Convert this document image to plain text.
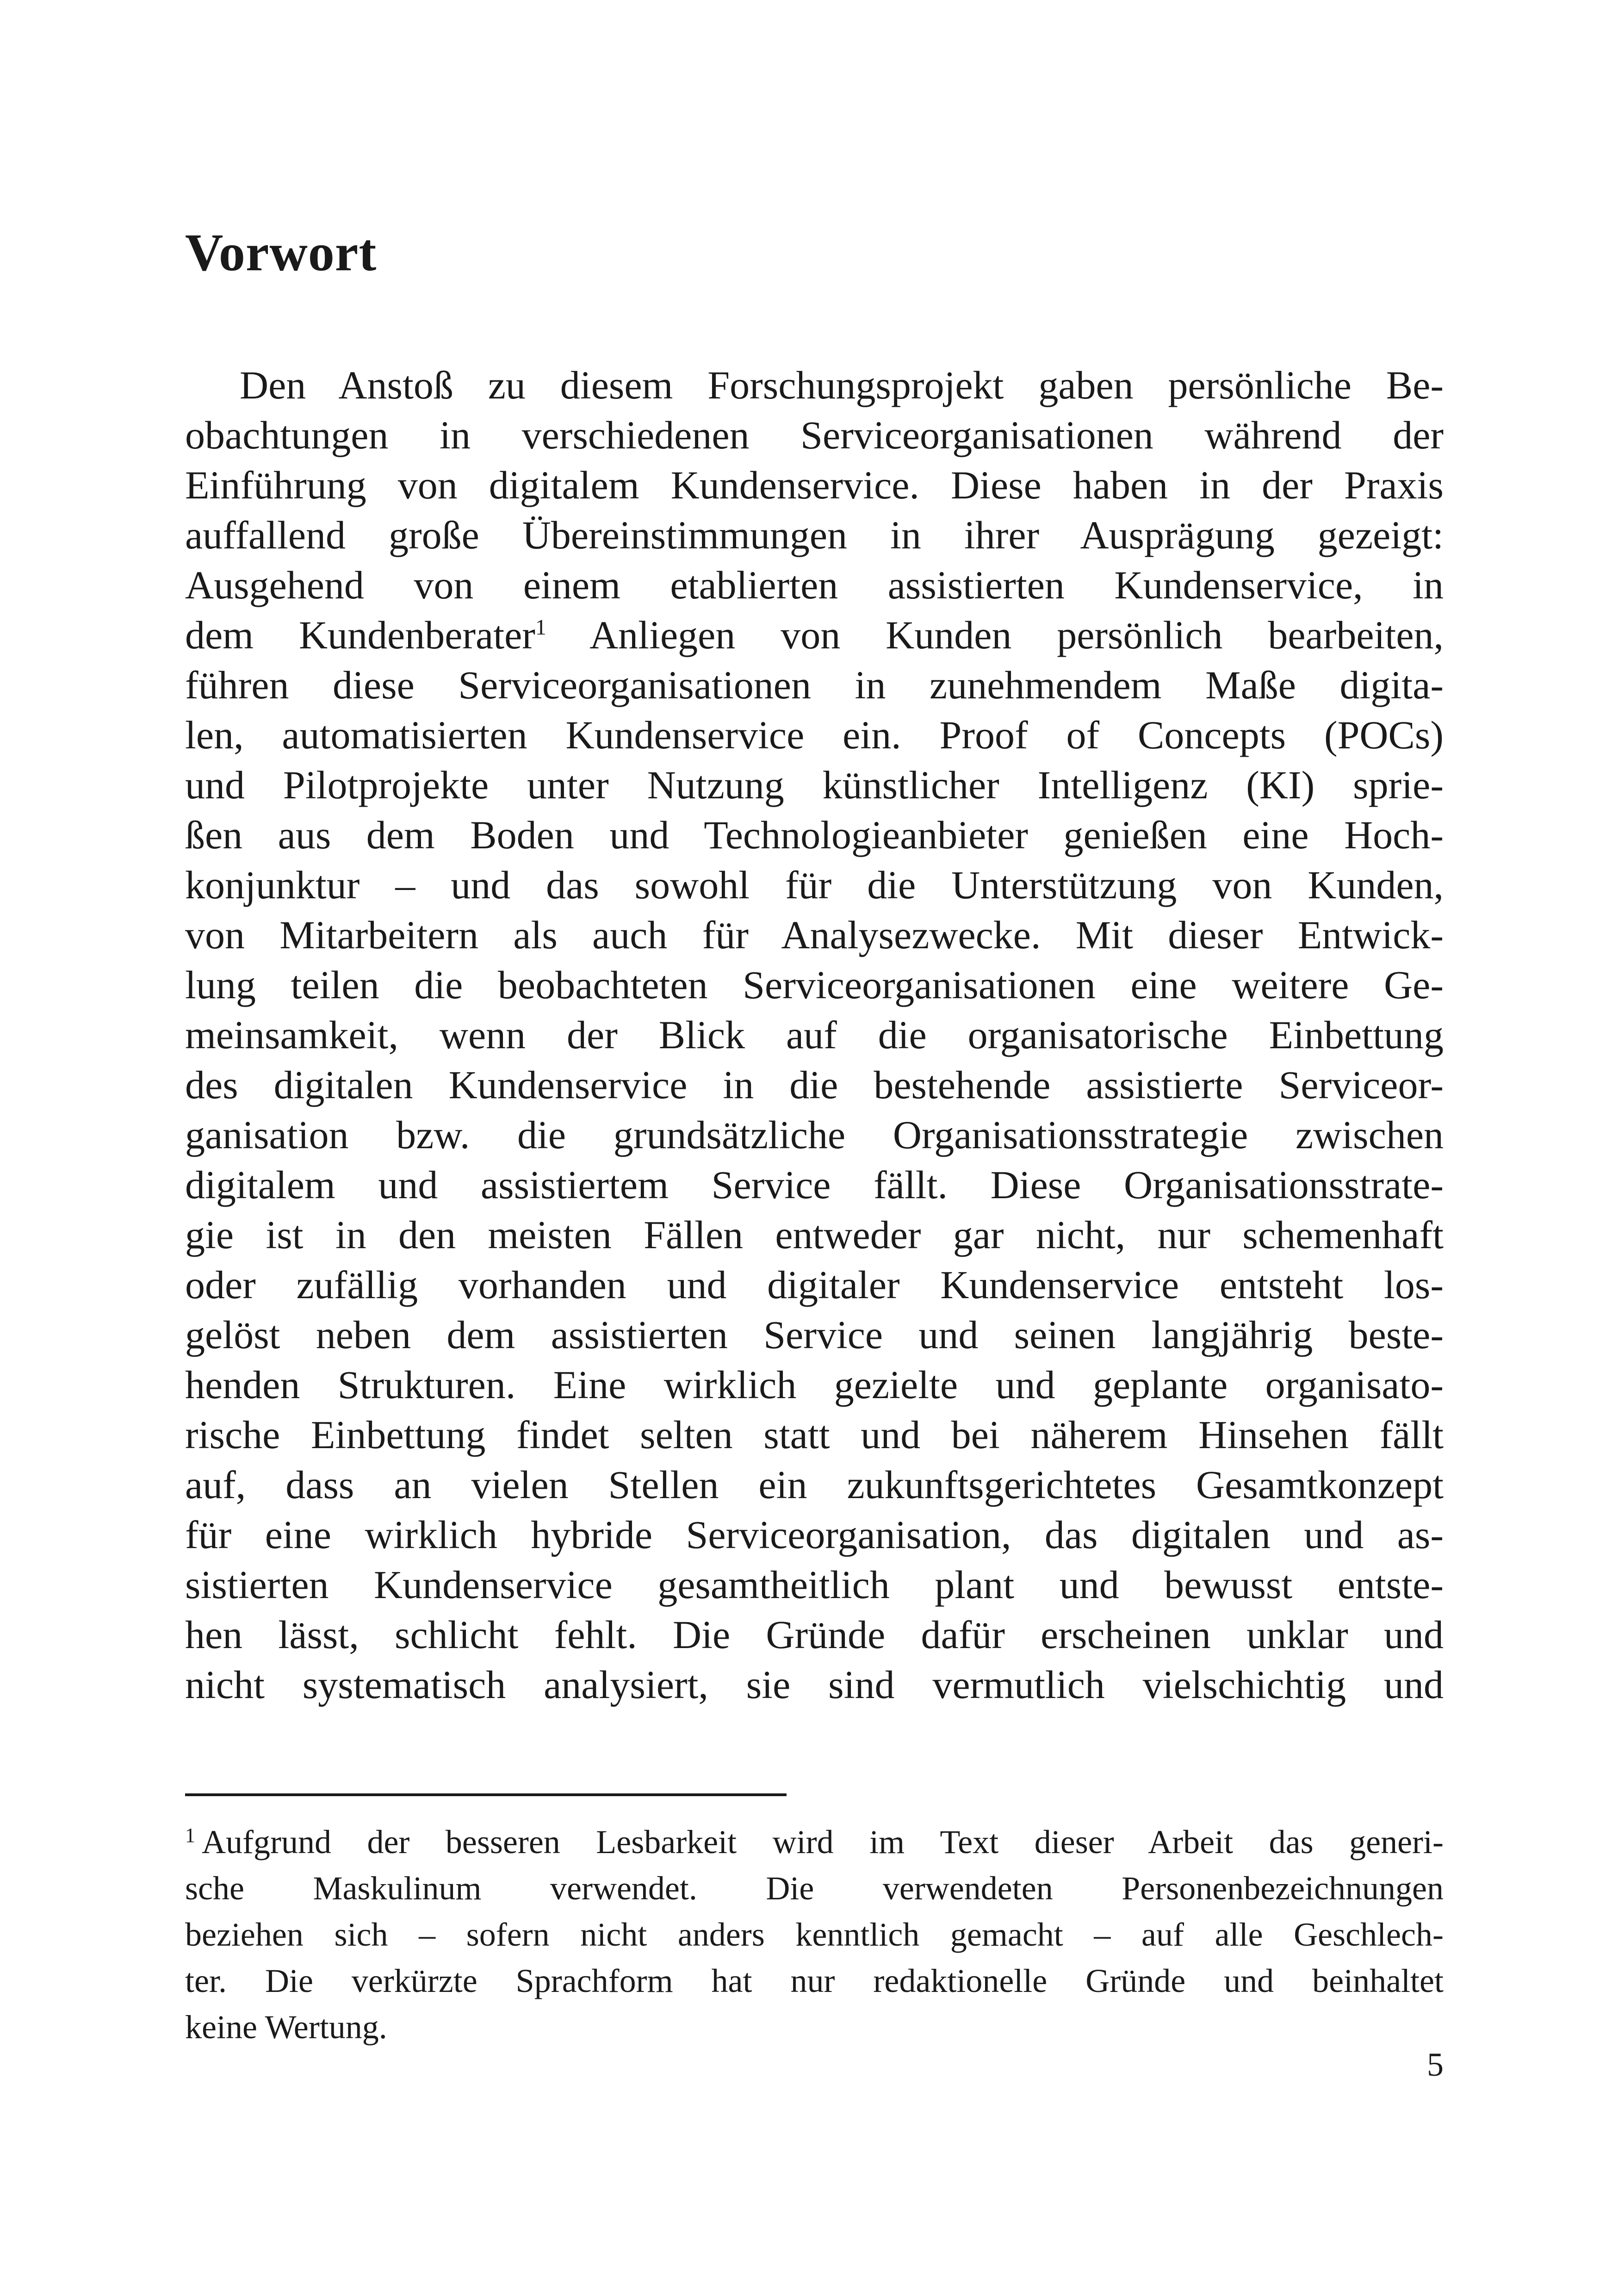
Vorwort
Den Anstoß zu diesem Forschungsprojekt gaben persönliche Be-
obachtungen in verschiedenen Serviceorganisationen während der
Einführung von digitalem Kundenservice. Diese haben in der Praxis
auffallend große Übereinstimmungen in ihrer Ausprägung gezeigt:
Ausgehend von einem etablierten assistierten Kundenservice, in
dem Kundenberater$^1$ Anliegen von Kunden persönlich bearbeiten,
führen diese Serviceorganisationen in zunehmendem Maße digita-
len, automatisierten Kundenservice ein. Proof of Concepts (POCs)
und Pilotprojekte unter Nutzung künstlicher Intelligenz (KI) sprie-
ßen aus dem Boden und Technologieanbieter genießen eine Hoch-
konjunktur – und das sowohl für die Unterstützung von Kunden,
von Mitarbeitern als auch für Analysezwecke. Mit dieser Entwick-
lung teilen die beobachteten Serviceorganisationen eine weitere Ge-
meinsamkeit, wenn der Blick auf die organisatorische Einbettung
des digitalen Kundenservice in die bestehende assistierte Serviceor-
ganisation bzw. die grundsätzliche Organisationsstrategie zwischen
digitalem und assistiertem Service fällt. Diese Organisationsstrate-
gie ist in den meisten Fällen entweder gar nicht, nur schemenhaft
oder zufällig vorhanden und digitaler Kundenservice entsteht los-
gelöst neben dem assistierten Service und seinen langjährig beste-
henden Strukturen. Eine wirklich gezielte und geplante organisato-
rische Einbettung findet selten statt und bei näherem Hinsehen fällt
auf, dass an vielen Stellen ein zukunftsgerichtetes Gesamtkonzept
für eine wirklich hybride Serviceorganisation, das digitalen und as-
sistierten Kundenservice gesamtheitlich plant und bewusst entste-
hen lässt, schlicht fehlt. Die Gründe dafür erscheinen unklar und
nicht systematisch analysiert, sie sind vermutlich vielschichtig und
$^1$ Aufgrund der besseren Lesbarkeit wird im Text dieser Arbeit das generi-
sche Maskulinum verwendet. Die verwendeten Personenbezeichnungen
beziehen sich – sofern nicht anders kenntlich gemacht – auf alle Geschlech-
ter. Die verkürzte Sprachform hat nur redaktionelle Gründe und beinhaltet
keine Wertung.
5
